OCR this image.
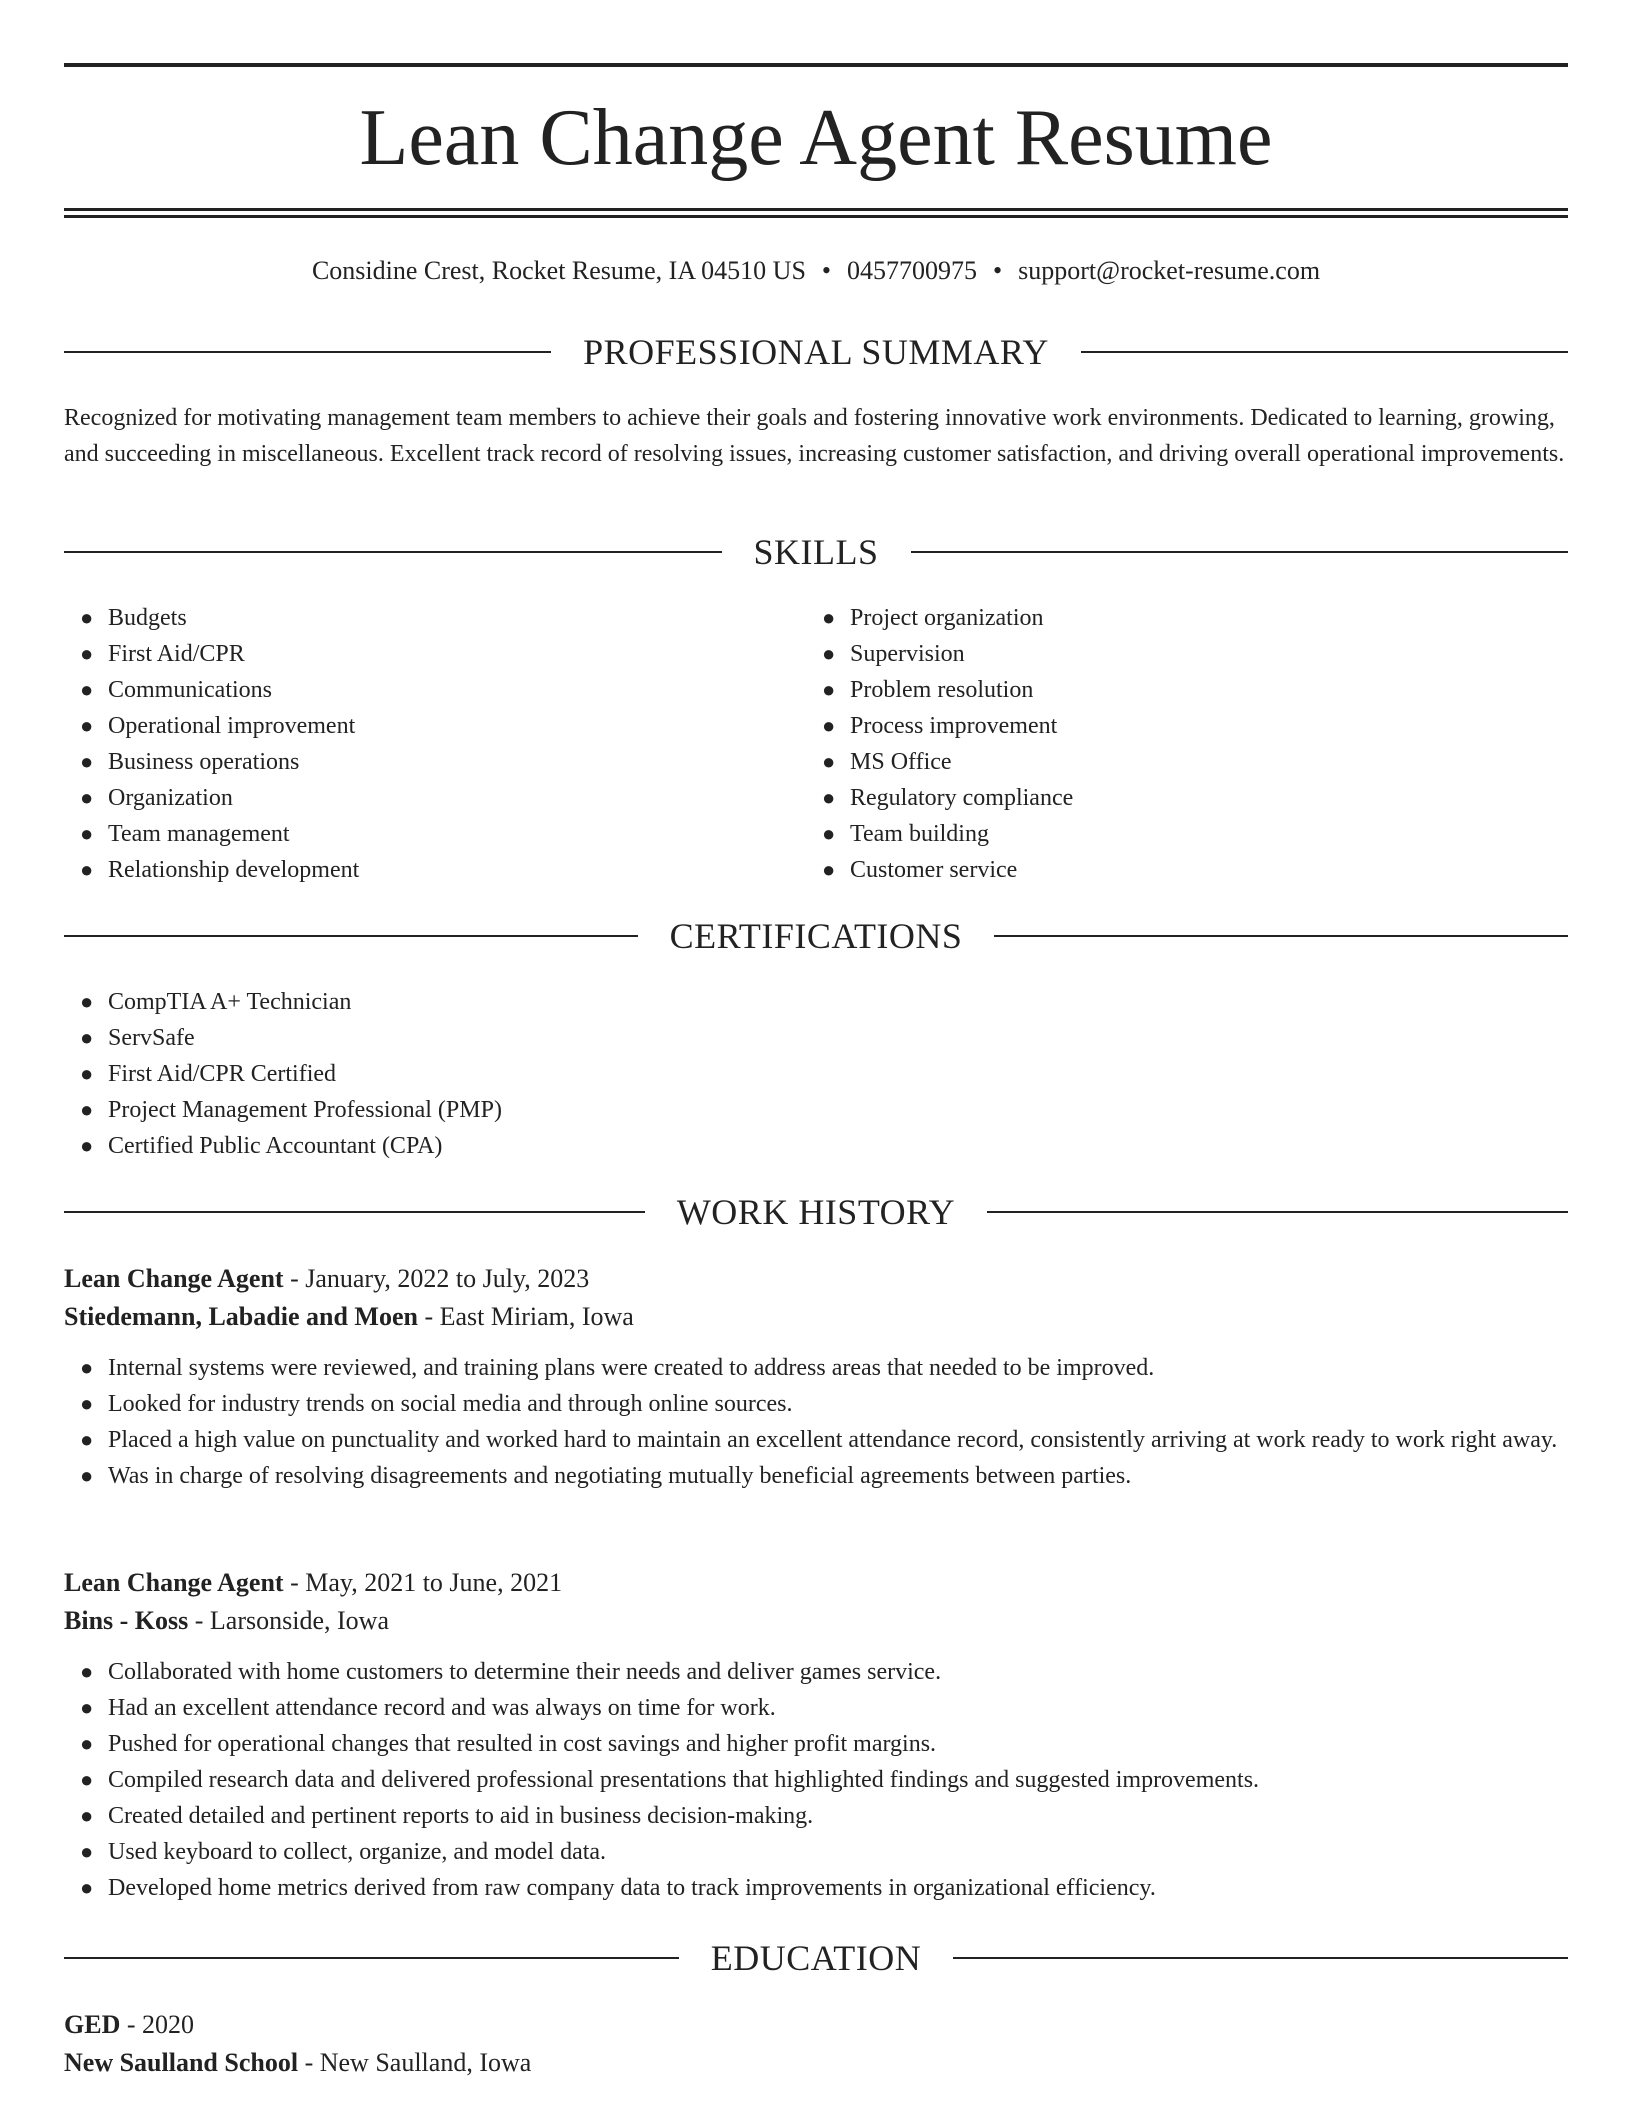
Lean Change Agent Resume
Considine Crest, Rocket Resume, IA 04510 US • 0457700975 • support@rocket-resume.com
PROFESSIONAL SUMMARY

Recognized for motivating management team members to achieve their goals and fostering innovative work environments. Dedicated to learning, growing, and succeeding in miscellaneous. Excellent track record of resolving issues, increasing customer satisfaction, and driving overall operational improvements.

SKILLS
● Budgets
● First Aid/CPR
● Communications
● Operational improvement
● Business operations
● Organization
● Team management
● Relationship development
● Project organization
● Supervision
● Problem resolution
● Process improvement
● MS Office
● Regulatory compliance
● Team building
● Customer service
CERTIFICATIONS
● CompTIA A+ Technician
● ServSafe
● First Aid/CPR Certified
● Project Management Professional (PMP)
● Certified Public Accountant (CPA)
WORK HISTORY
Lean Change Agent - January, 2022 to July, 2023
Stiedemann, Labadie and Moen - East Miriam, Iowa
● Internal systems were reviewed, and training plans were created to address areas that needed to be improved.
● Looked for industry trends on social media and through online sources.
● Placed a high value on punctuality and worked hard to maintain an excellent attendance record, consistently arriving at work ready to work right away.
● Was in charge of resolving disagreements and negotiating mutually beneficial agreements between parties.
Lean Change Agent - May, 2021 to June, 2021
Bins - Koss - Larsonside, Iowa
● Collaborated with home customers to determine their needs and deliver games service.
● Had an excellent attendance record and was always on time for work.
● Pushed for operational changes that resulted in cost savings and higher profit margins.
● Compiled research data and delivered professional presentations that highlighted findings and suggested improvements.
● Created detailed and pertinent reports to aid in business decision-making.
● Used keyboard to collect, organize, and model data.
● Developed home metrics derived from raw company data to track improvements in organizational efficiency.
EDUCATION
GED - 2020
New Saulland School - New Saulland, Iowa
